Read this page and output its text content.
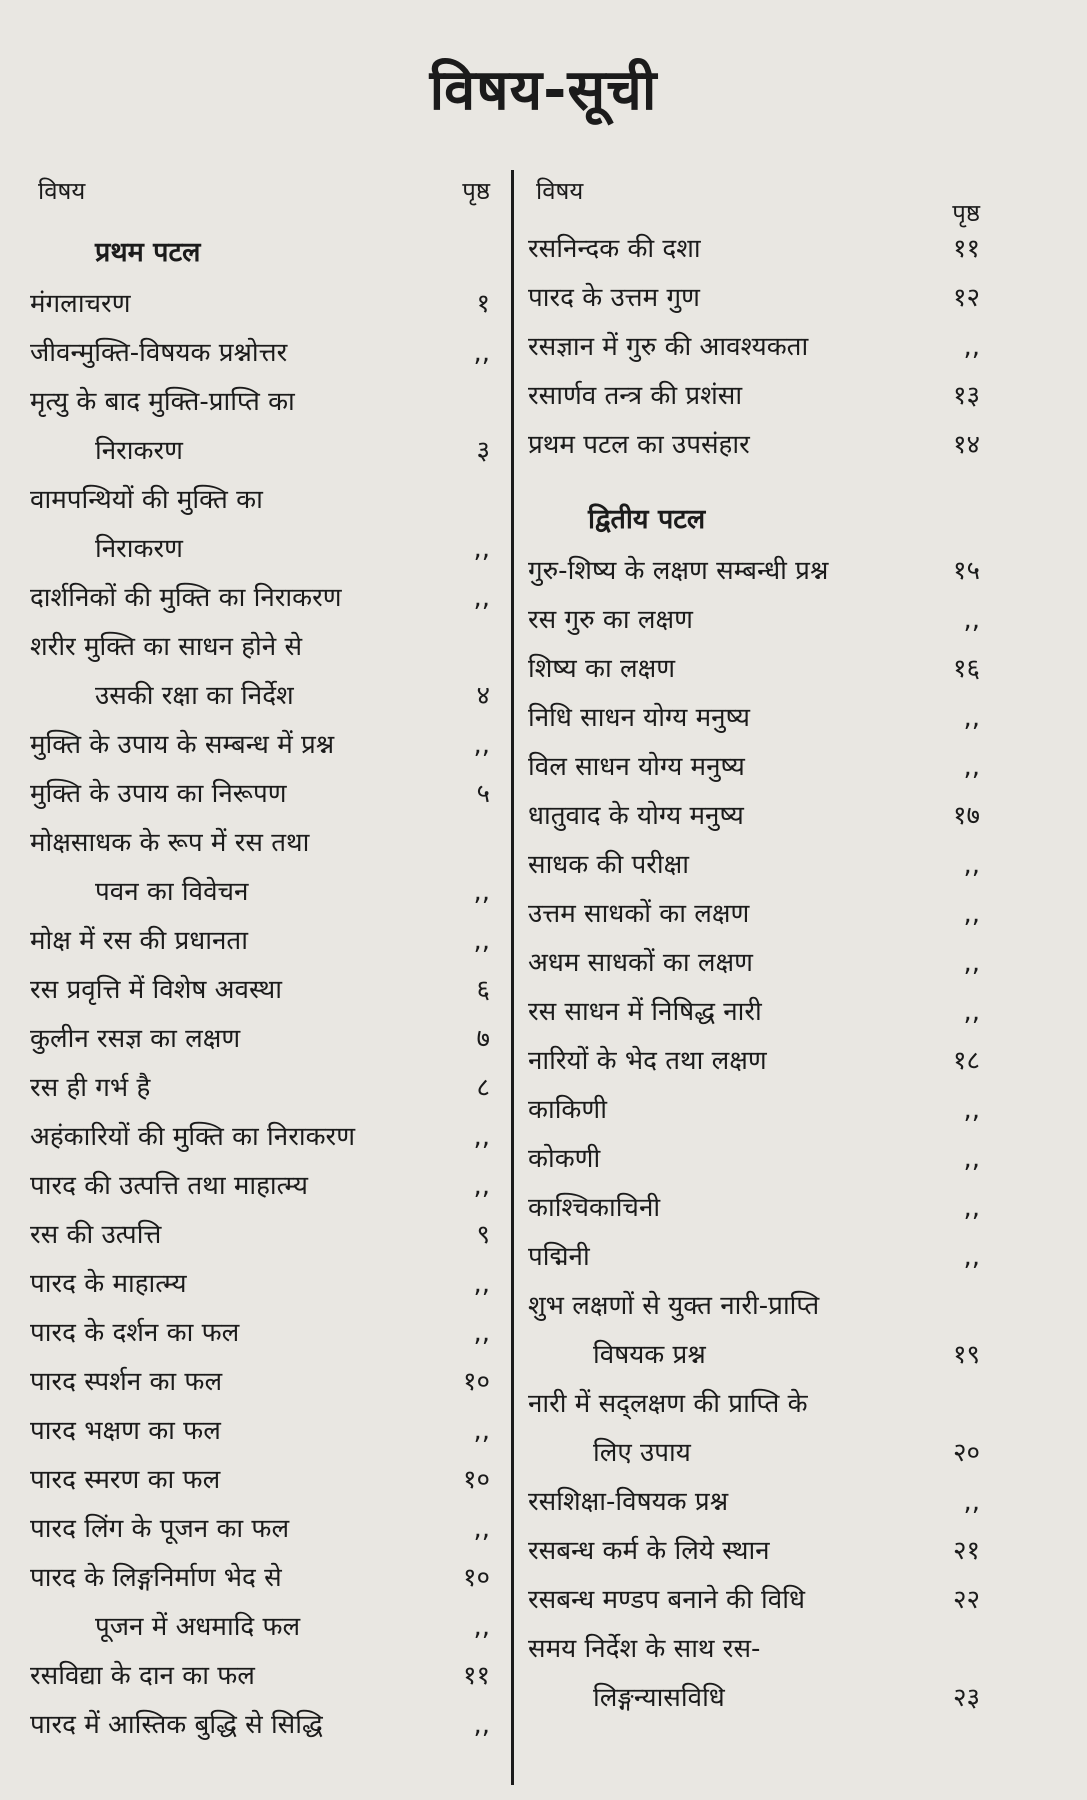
विषय-सूची
विषय	पृष्ठ
प्रथम पटल
मंगलाचरण	१
जीवन्मुक्ति-विषयक प्रश्नोत्तर	,,
मृत्यु के बाद मुक्ति-प्राप्ति का
निराकरण	३
वामपन्थियों की मुक्ति का
निराकरण	,,
दार्शनिकों की मुक्ति का निराकरण	,,
शरीर मुक्ति का साधन होने से
उसकी रक्षा का निर्देश	४
मुक्ति के उपाय के सम्बन्ध में प्रश्न	,,
मुक्ति के उपाय का निरूपण	५
मोक्षसाधक के रूप में रस तथा
पवन का विवेचन	,,
मोक्ष में रस की प्रधानता	,,
रस प्रवृत्ति में विशेष अवस्था	६
कुलीन रसज्ञ का लक्षण	७
रस ही गर्भ है	८
अहंकारियों की मुक्ति का निराकरण	,,
पारद की उत्पत्ति तथा माहात्म्य	,,
रस की उत्पत्ति	९
पारद के माहात्म्य	,,
पारद के दर्शन का फल	,,
पारद स्पर्शन का फल	१०
पारद भक्षण का फल	,,
पारद स्मरण का फल	१०
पारद लिंग के पूजन का फल	,,
पारद के लिङ्गनिर्माण भेद से	१०
पूजन में अधमादि फल	,,
रसविद्या के दान का फल	११
पारद में आस्तिक बुद्धि से सिद्धि	,,
विषय
पृष्ठ
रसनिन्दक की दशा	११
पारद के उत्तम गुण	१२
रसज्ञान में गुरु की आवश्यकता	,,
रसार्णव तन्त्र की प्रशंसा	१३
प्रथम पटल का उपसंहार	१४
द्वितीय पटल
गुरु-शिष्य के लक्षण सम्बन्धी प्रश्न	१५
रस गुरु का लक्षण	,,
शिष्य का लक्षण	१६
निधि साधन योग्य मनुष्य	,,
विल साधन योग्य मनुष्य	,,
धातुवाद के योग्य मनुष्य	१७
साधक की परीक्षा	,,
उत्तम साधकों का लक्षण	,,
अधम साधकों का लक्षण	,,
रस साधन में निषिद्ध नारी	,,
नारियों के भेद तथा लक्षण	१८
काकिणी	,,
कोकणी	,,
काश्चिकाचिनी	,,
पद्मिनी	,,
शुभ लक्षणों से युक्त नारी-प्राप्ति
विषयक प्रश्न	१९
नारी में सद्लक्षण की प्राप्ति के
लिए उपाय	२०
रसशिक्षा-विषयक प्रश्न	,,
रसबन्ध कर्म के लिये स्थान	२१
रसबन्ध मण्डप बनाने की विधि	२२
समय निर्देश के साथ रस-
लिङ्गन्यासविधि	२३
